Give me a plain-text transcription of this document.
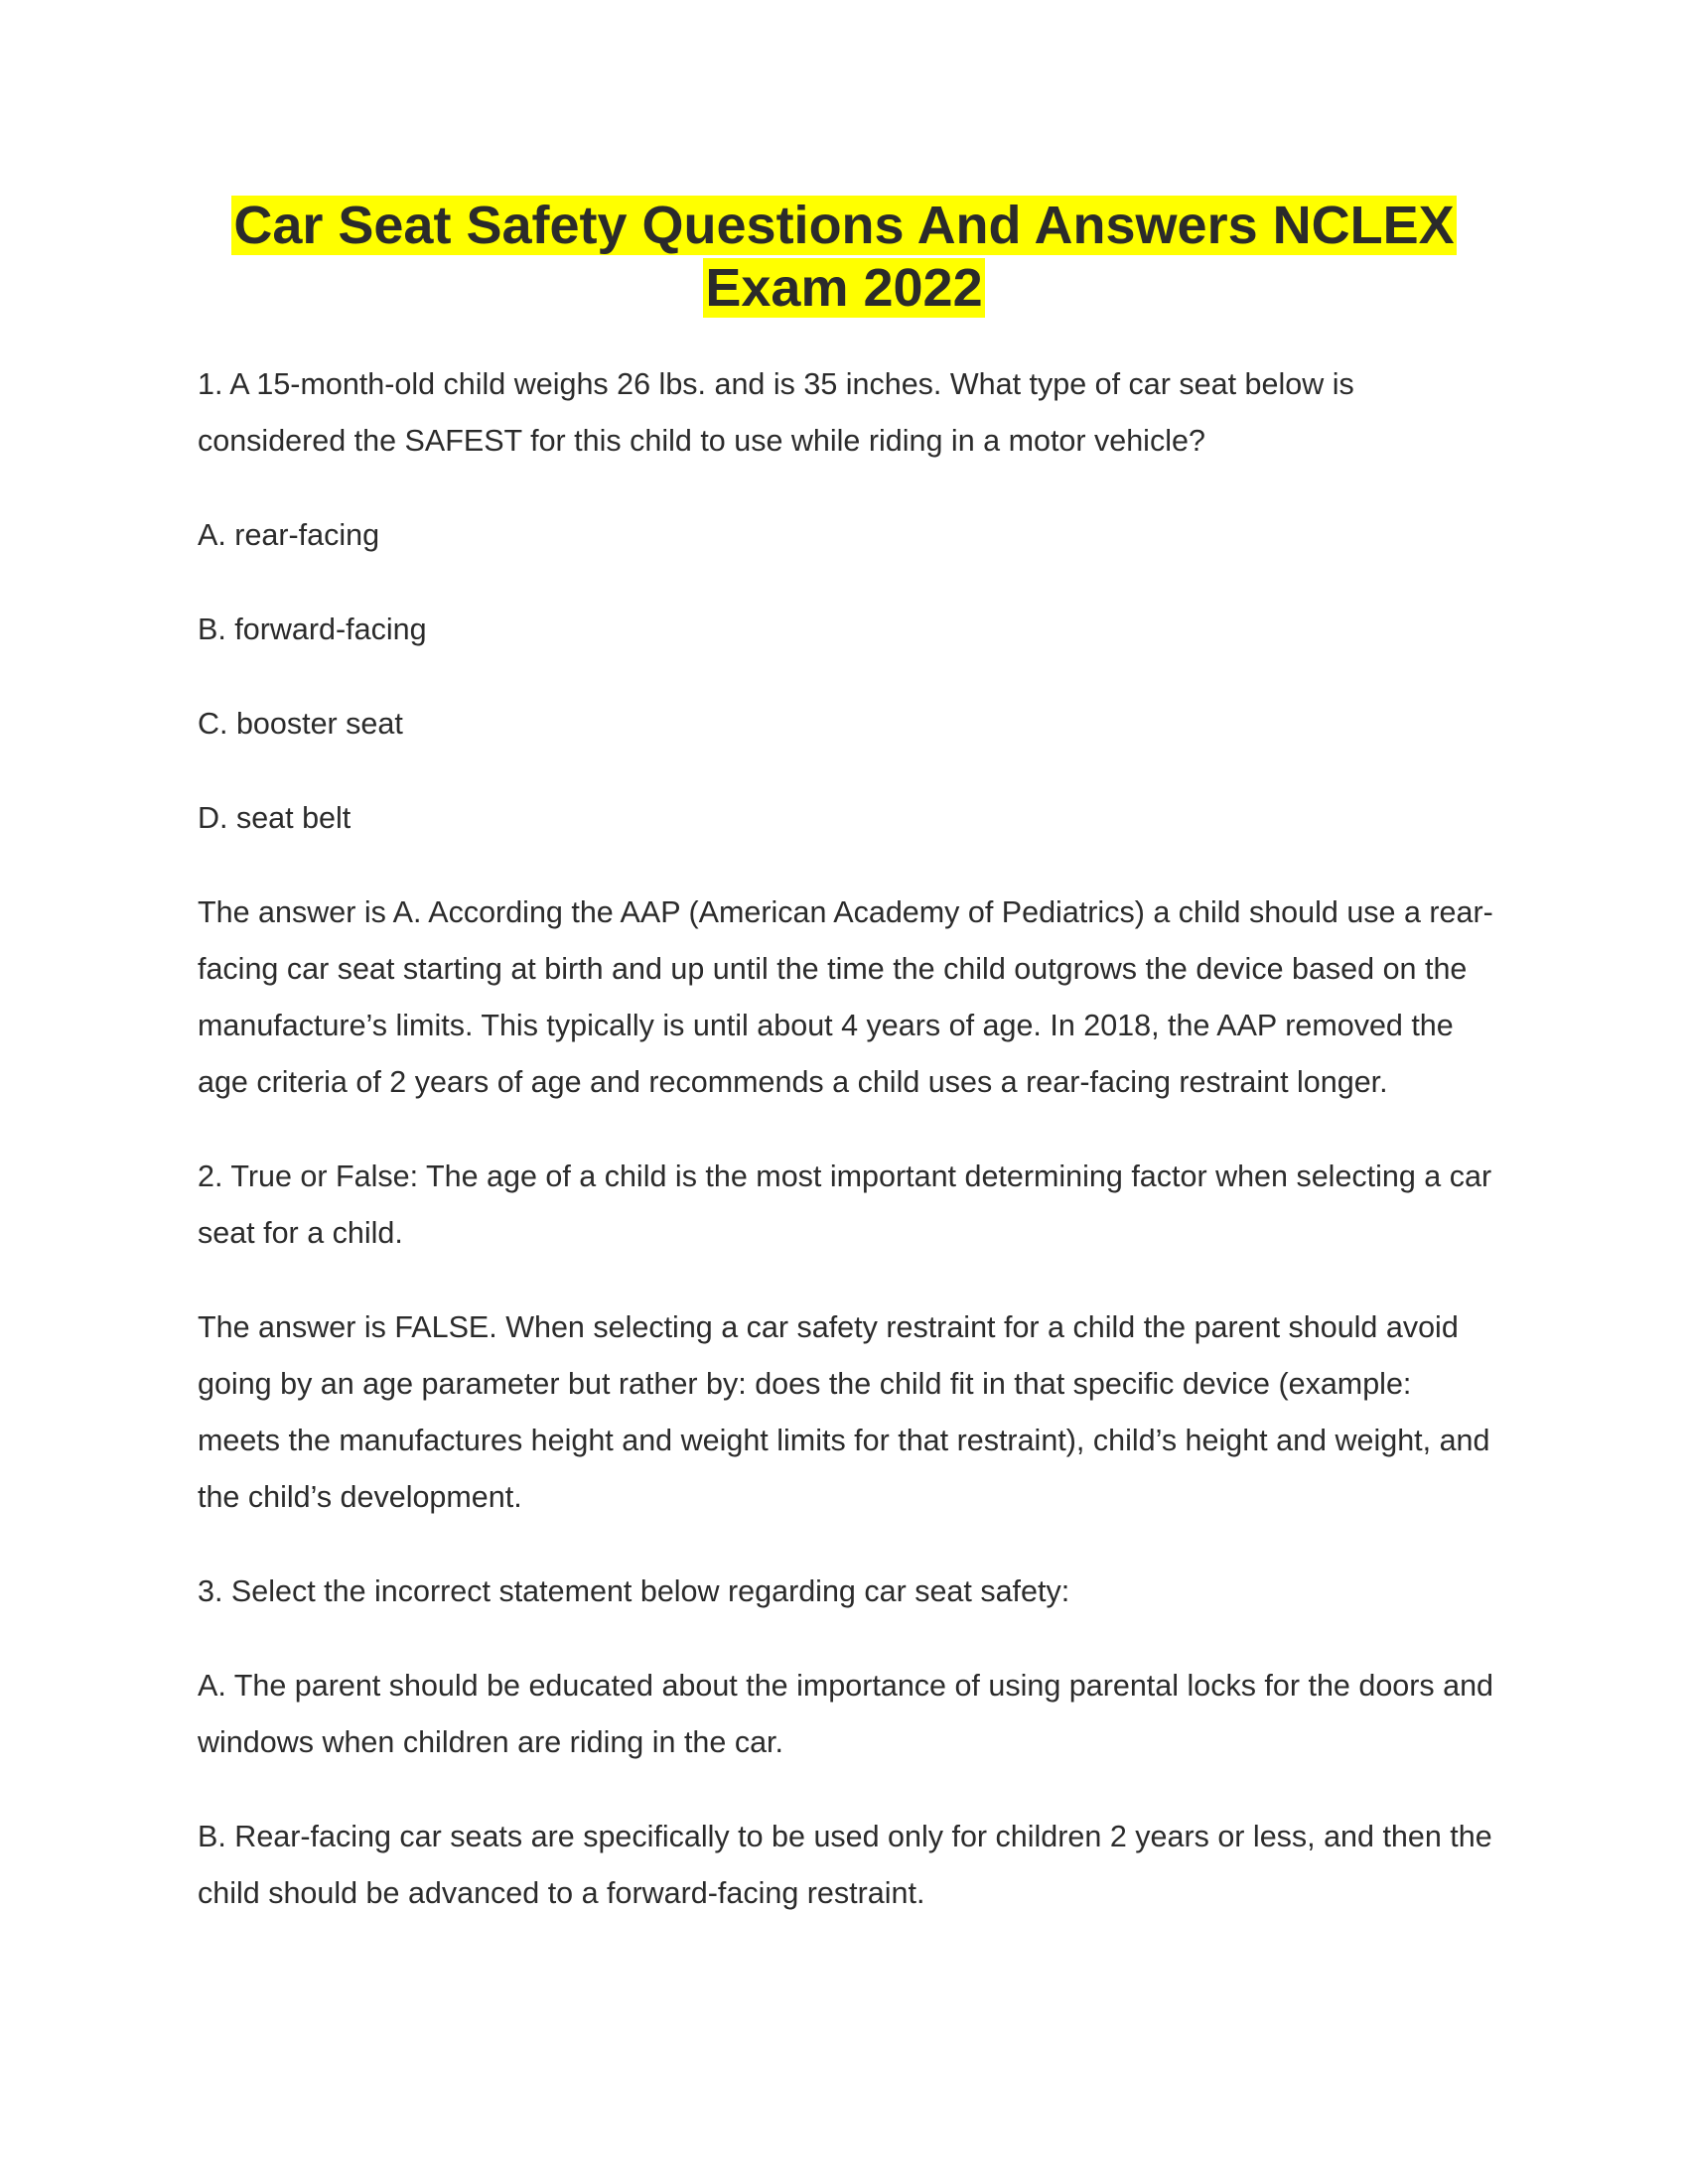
Car Seat Safety Questions And Answers NCLEX
Exam 2022

1. A 15-month-old child weighs 26 lbs. and is 35 inches. What type of car seat below is considered the SAFEST for this child to use while riding in a motor vehicle?

A. rear-facing

B. forward-facing

C. booster seat

D. seat belt

The answer is A. According the AAP (American Academy of Pediatrics) a child should use a rear-facing car seat starting at birth and up until the time the child outgrows the device based on the manufacture’s limits. This typically is until about 4 years of age. In 2018, the AAP removed the age criteria of 2 years of age and recommends a child uses a rear-facing restraint longer.

2. True or False: The age of a child is the most important determining factor when selecting a car seat for a child.

The answer is FALSE. When selecting a car safety restraint for a child the parent should avoid going by an age parameter but rather by: does the child fit in that specific device (example: meets the manufactures height and weight limits for that restraint), child’s height and weight, and the child’s development.

3. Select the incorrect statement below regarding car seat safety:

A. The parent should be educated about the importance of using parental locks for the doors and windows when children are riding in the car.

B. Rear-facing car seats are specifically to be used only for children 2 years or less, and then the child should be advanced to a forward-facing restraint.
